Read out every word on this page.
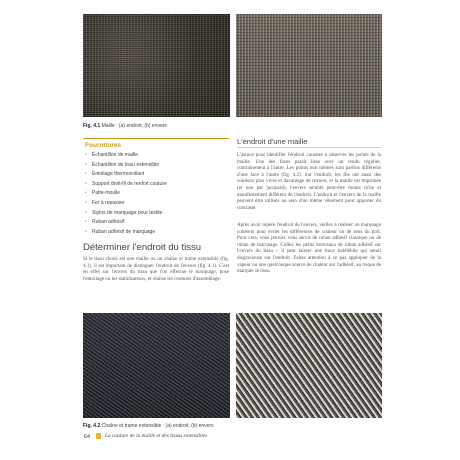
Fig. 4.1 Maille : (a) endroit, (b) envers
Fournitures
• Échantillon de maille
• Échantillon de tissu extensible
• Entoilage thermocollant
• Support droit-fil de renfort couture
• Patte-moulle
• Fer à repasser
• Stylos de marquage pour textile
• Ruban adhésif
• Ruban adhésif de marquage
Déterminer l'endroit du tissu

Si le tissu choisi est une maille ou un chaîne et trame extensible (fig. 4.1), il est important de distinguer l'endroit de l'envers (fig. 4.1). C'est en effet sur l'envers du tissu que l'on effectue le marquage, pose l'entoilage ou les stabilisateurs, et réalise les coutures d'assemblage.

L'endroit d'une maille

L'astuce pour identifier l'endroit consiste à observer les points de la maille. Une des faces paraît lisse avec un rendu régulier, contrairement à l'autre. Les points non mêmes sont parfois différents d'une face à l'autre (fig. 4.2). Sur l'endroit, les fils ont aussi des couleurs plus vives et davantage de texture, et la maille est imprimée (et non par jacquard), l'envers semble peut-être moins riche et manifestement différent de l'endroit. L'endroit et l'envers de la maille peuvent être utilisés au sein d'un même vêtement pour apporter du contraste.

Après avoir repéré l'endroit de l'envers, veillez à réaliser un marquage cohérent pour éviter les différences de couleur ou de sens du poil. Pour cela, vous pouvez vous servir de ruban adhésif classique ou de ruban de marquage. Collez les petits morceaux de ruban adhésif sur l'envers du tissu – il peut laisser une trace indélébile qui serait disgracieuse sur l'endroit. Faites attention à ce pas appliquer de la vapeur ou une quelconque source de chaleur sur l'adhésif, au risque de marquer le tissu.

Fig. 4.2 Chaîne et trame extensible : (a) endroit, (b) envers
64	La couture de la maille et des tissus extensibles
